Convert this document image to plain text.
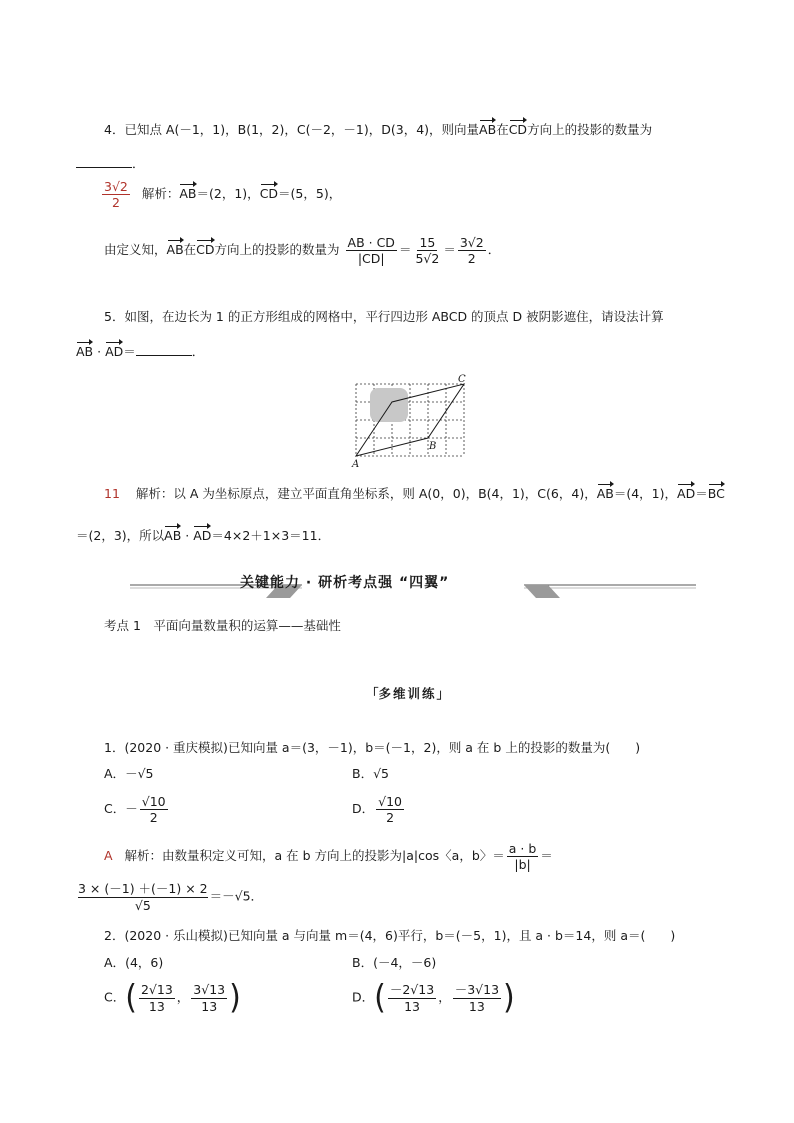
4．已知点 A(－1，1)，B(1，2)，C(－2，－1)，D(3，4)，则向量AB在CD方向上的投影的数量为
．
$\frac{3√2}{2}$ 解析：AB＝(2，1)，CD＝(5，5)，
由定义知，AB在CD方向上的投影的数量为 $\frac{AB \cdot CD}{|CD|} = \frac{15}{5√2} = \frac{3√2}{2}$ ．
5．如图，在边长为 1 的正方形组成的网格中，平行四边形 ABCD 的顶点 D 被阴影遮住，请设法计算
AB · AD＝	．
A
B
C
11 解析：以 A 为坐标原点，建立平面直角坐标系，则 A(0，0)，B(4，1)，C(6，4)，AB＝(4，1)，AD＝BC
＝(2，3)，所以AB · AD＝4×2＋1×3＝11．
关键能力 · 研析考点强 “四翼”
考点 1　平面向量数量积的运算——基础性
「多维训练」
1．(2020 · 重庆模拟)已知向量 a＝(3，－1)，b＝(－1，2)，则 a 在 b 上的投影的数量为(　　)
A．－√5	B．√5
C．－ $\frac{√10}{2}$	D． $\frac{√10}{2}$
A 解析：由数量积定义可知，a 在 b 方向上的投影为|a|cos〈a，b〉＝ $\frac{a \cdot b}{|b|}$ ＝
$\frac{3 \times (-1) +(-1) \times 2}{√5} =-√5$．
2．(2020 · 乐山模拟)已知向量 a 与向量 m＝(4，6)平行，b＝(－5，1)，且 a · b＝14，则 a＝(　　)
A．(4，6)	B．(－4，－6)
C．( $\frac{2√13}{13}$ ， $\frac{3√13}{13}$ )	D．( $\frac{-2√13}{13}$ ， $\frac{-3√13}{13}$ )
